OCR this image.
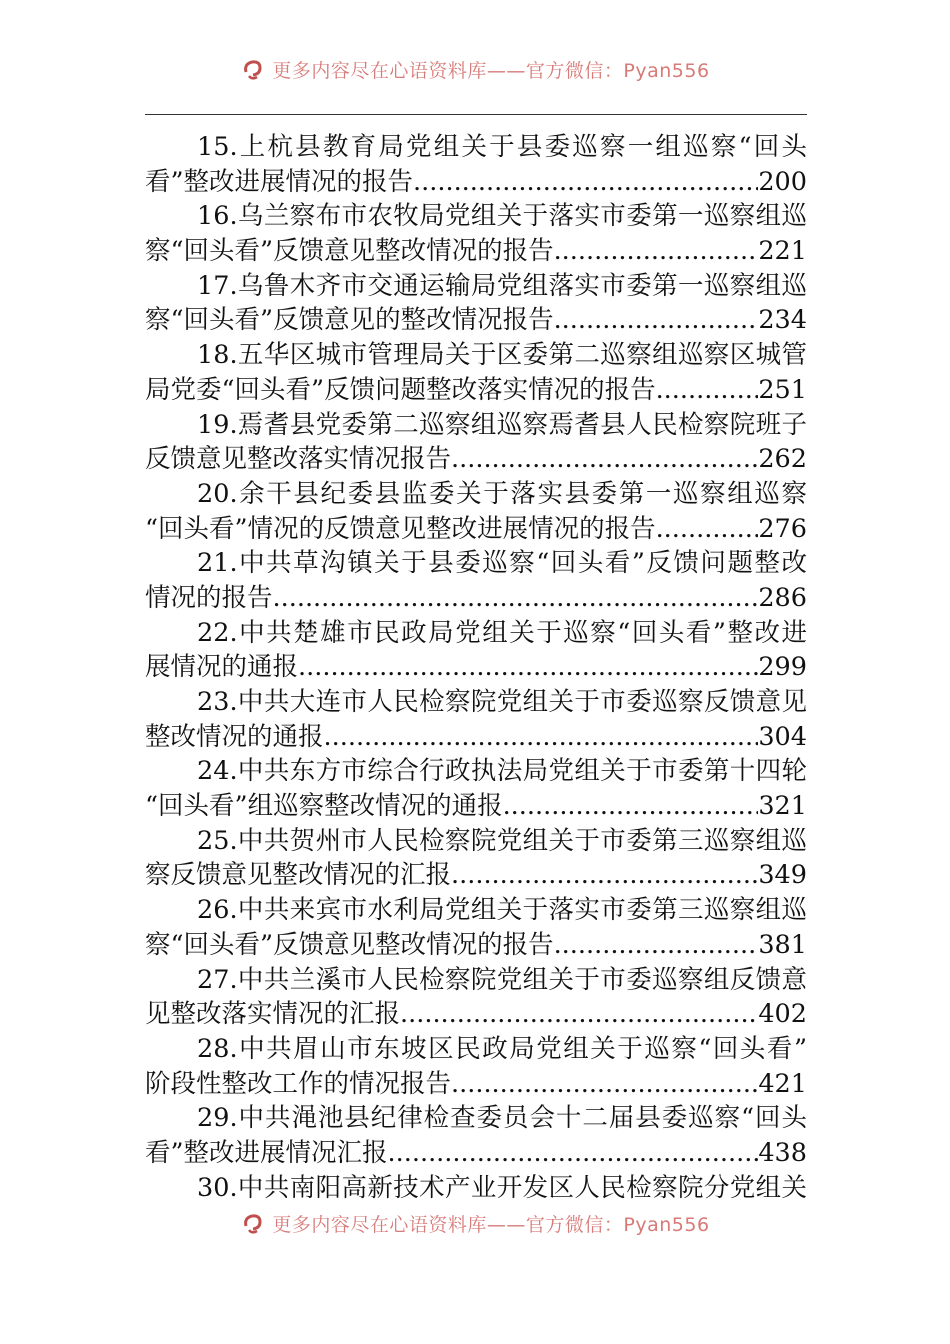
更多内容尽在心语资料库——官方微信：Pyan556
15.上杭县教育局党组关于县委巡察一组巡察“回头
看”整改进展情况的报告 .....	200
16.乌兰察布市农牧局党组关于落实市委第一巡察组巡
察“回头看”反馈意见整改情况的报告 .....	221
17.乌鲁木齐市交通运输局党组落实市委第一巡察组巡
察“回头看”反馈意见的整改情况报告 .....	234
18.五华区城市管理局关于区委第二巡察组巡察区城管
局党委“回头看”反馈问题整改落实情况的报告 .....	251
19.焉耆县党委第二巡察组巡察焉耆县人民检察院班子
反馈意见整改落实情况报告 .....	262
20.余干县纪委县监委关于落实县委第一巡察组巡察
“回头看”情况的反馈意见整改进展情况的报告 .....	276
21.中共草沟镇关于县委巡察“回头看”反馈问题整改
情况的报告 .....	286
22.中共楚雄市民政局党组关于巡察“回头看”整改进
展情况的通报 .....	299
23.中共大连市人民检察院党组关于市委巡察反馈意见
整改情况的通报 .....	304
24.中共东方市综合行政执法局党组关于市委第十四轮
“回头看”组巡察整改情况的通报 .....	321
25.中共贺州市人民检察院党组关于市委第三巡察组巡
察反馈意见整改情况的汇报 .....	349
26.中共来宾市水利局党组关于落实市委第三巡察组巡
察“回头看”反馈意见整改情况的报告 .....	381
27.中共兰溪市人民检察院党组关于市委巡察组反馈意
见整改落实情况的汇报 .....	402
28.中共眉山市东坡区民政局党组关于巡察“回头看”
阶段性整改工作的情况报告 .....	421
29.中共渑池县纪律检查委员会十二届县委巡察“回头
看”整改进展情况汇报 .....	438
30.中共南阳高新技术产业开发区人民检察院分党组关
更多内容尽在心语资料库——官方微信：Pyan556
